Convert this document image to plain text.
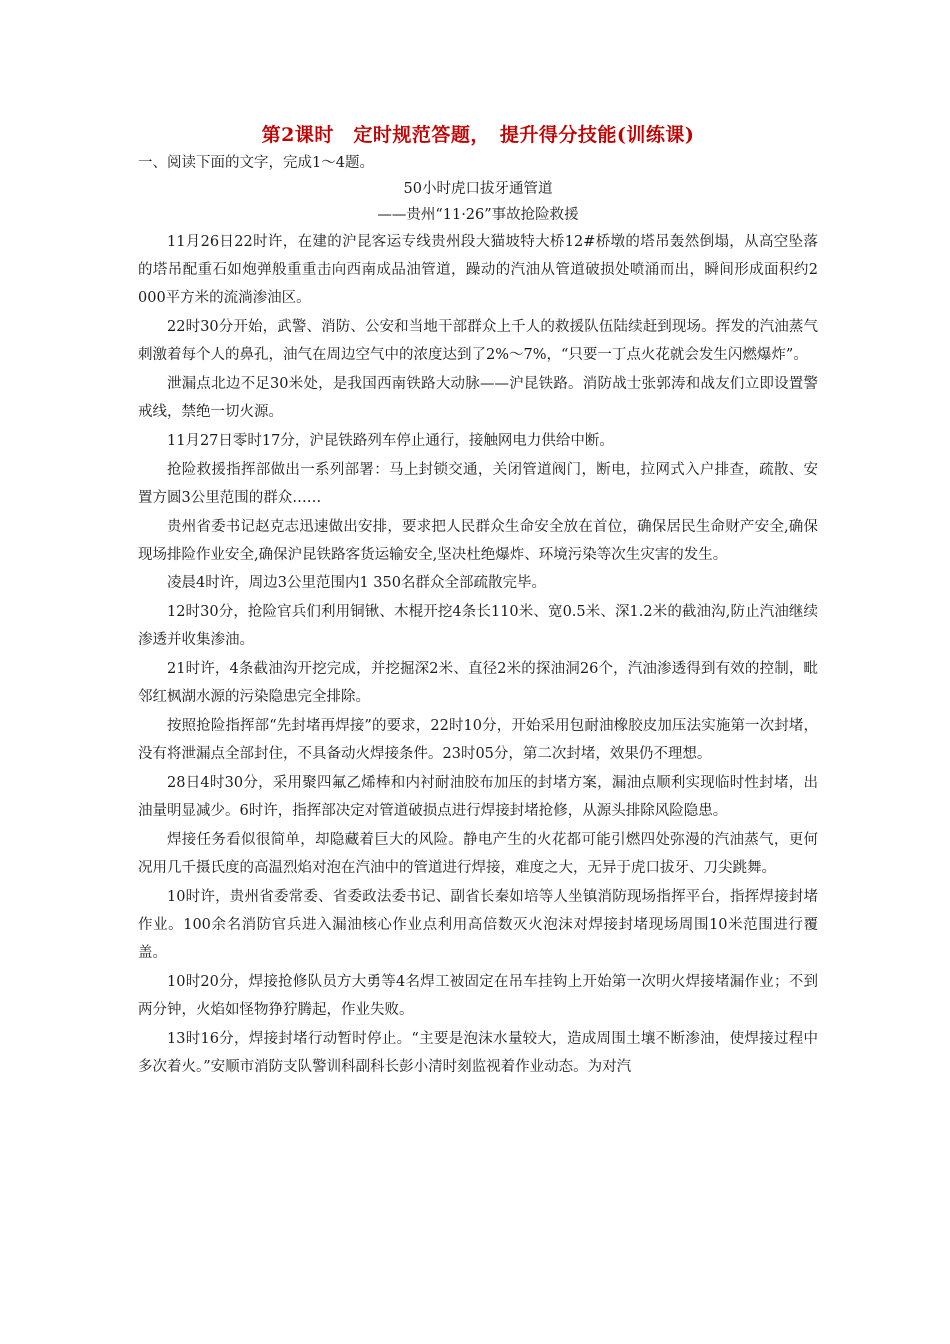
第2课时　定时规范答题，　提升得分技能(训练课)

一、阅读下面的文字，完成1～4题。

50小时虎口拔牙通管道

——贵州“11·26”事故抢险救援

11月26日22时许，在建的沪昆客运专线贵州段大猫坡特大桥12#桥墩的塔吊轰然倒塌，从高空坠落的塔吊配重石如炮弹般重重击向西南成品油管道，躁动的汽油从管道破损处喷涌而出，瞬间形成面积约2 000平方米的流淌渗油区。

22时30分开始，武警、消防、公安和当地干部群众上千人的救援队伍陆续赶到现场。挥发的汽油蒸气刺激着每个人的鼻孔，油气在周边空气中的浓度达到了2%～7%，“只要一丁点火花就会发生闪燃爆炸”。

泄漏点北边不足30米处，是我国西南铁路大动脉——沪昆铁路。消防战士张郭涛和战友们立即设置警戒线，禁绝一切火源。

11月27日零时17分，沪昆铁路列车停止通行，接触网电力供给中断。

抢险救援指挥部做出一系列部署：马上封锁交通，关闭管道阀门，断电，拉网式入户排查，疏散、安置方圆3公里范围的群众……

贵州省委书记赵克志迅速做出安排，要求把人民群众生命安全放在首位，确保居民生命财产安全,确保现场排险作业安全,确保沪昆铁路客货运输安全,坚决杜绝爆炸、环境污染等次生灾害的发生。

凌晨4时许，周边3公里范围内1 350名群众全部疏散完毕。

12时30分，抢险官兵们利用铜锹、木棍开挖4条长110米、宽0.5米、深1.2米的截油沟,防止汽油继续渗透并收集渗油。

21时许，4条截油沟开挖完成，并挖掘深2米、直径2米的探油洞26个，汽油渗透得到有效的控制，毗邻红枫湖水源的污染隐患完全排除。

按照抢险指挥部“先封堵再焊接”的要求，22时10分，开始采用包耐油橡胶皮加压法实施第一次封堵，没有将泄漏点全部封住，不具备动火焊接条件。23时05分，第二次封堵，效果仍不理想。

28日4时30分，采用聚四氟乙烯棒和内衬耐油胶布加压的封堵方案，漏油点顺利实现临时性封堵，出油量明显减少。6时许，指挥部决定对管道破损点进行焊接封堵抢修，从源头排除风险隐患。

焊接任务看似很简单，却隐藏着巨大的风险。静电产生的火花都可能引燃四处弥漫的汽油蒸气，更何况用几千摄氏度的高温烈焰对泡在汽油中的管道进行焊接，难度之大，无异于虎口拔牙、刀尖跳舞。

10时许，贵州省委常委、省委政法委书记、副省长秦如培等人坐镇消防现场指挥平台，指挥焊接封堵作业。100余名消防官兵进入漏油核心作业点利用高倍数灭火泡沫对焊接封堵现场周围10米范围进行覆盖。

10时20分，焊接抢修队员方大勇等4名焊工被固定在吊车挂钩上开始第一次明火焊接堵漏作业；不到两分钟，火焰如怪物狰狞腾起，作业失败。

13时16分，焊接封堵行动暂时停止。“主要是泡沫水量较大，造成周围土壤不断渗油，使焊接过程中多次着火。”安顺市消防支队警训科副科长彭小清时刻监视着作业动态。为对汽
